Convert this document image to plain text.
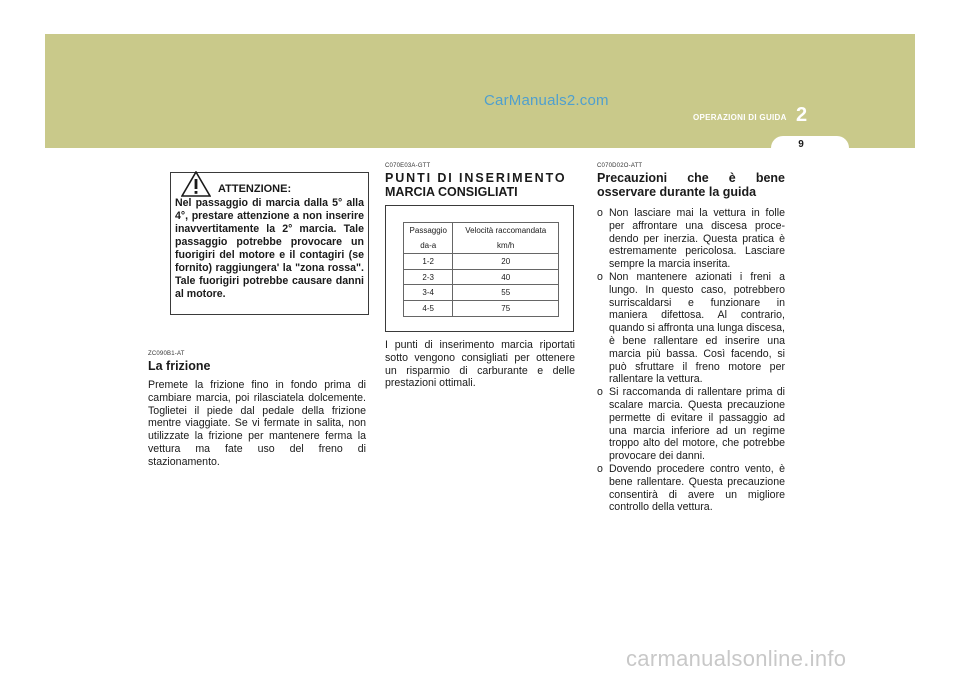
CarManuals2.com
OPERAZIONI DI GUIDA 2
9

Nel passaggio di marcia dalla 5° alla 4°, prestare attenzione a non inserire inavvertitamente la 2° marcia. Tale passaggio potrebbe provocare un fuorigiri del motore e il contagiri (se fornito) raggiungera' la "zona rossa". Tale fuorigiri potrebbe causare danni al motore.

ATTENZIONE:
ZC090B1-AT
La frizione

Premete la frizione fino in fondo prima di cambiare marcia, poi rilasciatela dolcemente. Toglietei il piede dal pedale della frizione mentre viaggiate. Se vi fermate in salita, non utilizzate la frizione per mantenere ferma la vettura ma fate uso del freno di stazionamento.

C070E03A-GTT
PUNTI DI INSERIMENTO
MARCIA CONSIGLIATI
Passaggio	Velocità raccomandata
da-a	km/h
1-2	20
2-3	40
3-4	55
4-5	75

I punti di inserimento marcia riportati sotto vengono consigliati per ottenere un risparmio di carburante e delle prestazioni ottimali.

C070D02O-ATT
Precauzioni che è bene osservare durante la guida
o Non lasciare mai la vettura in folle per affrontare una discesa proce-dendo per inerzia. Questa pratica è estremamente pericolosa. Lasciare sempre la marcia inserita.
o Non mantenere azionati i freni a lungo. In questo caso, potrebbero surriscaldarsi e funzionare in maniera difettosa. Al contrario, quando si affronta una lunga discesa, è bene rallentare ed inserire una marcia più bassa. Così facendo, si può sfruttare il freno motore per rallentare la vettura.
o Si raccomanda di rallentare prima di scalare marcia. Questa precauzione permette di evitare il passaggio ad una marcia inferiore ad un regime troppo alto del motore, che potrebbe provocare dei danni.
o Dovendo procedere contro vento, è bene rallentare. Questa precauzione consentirà di avere un migliore controllo della vettura.
carmanualsonline.info
